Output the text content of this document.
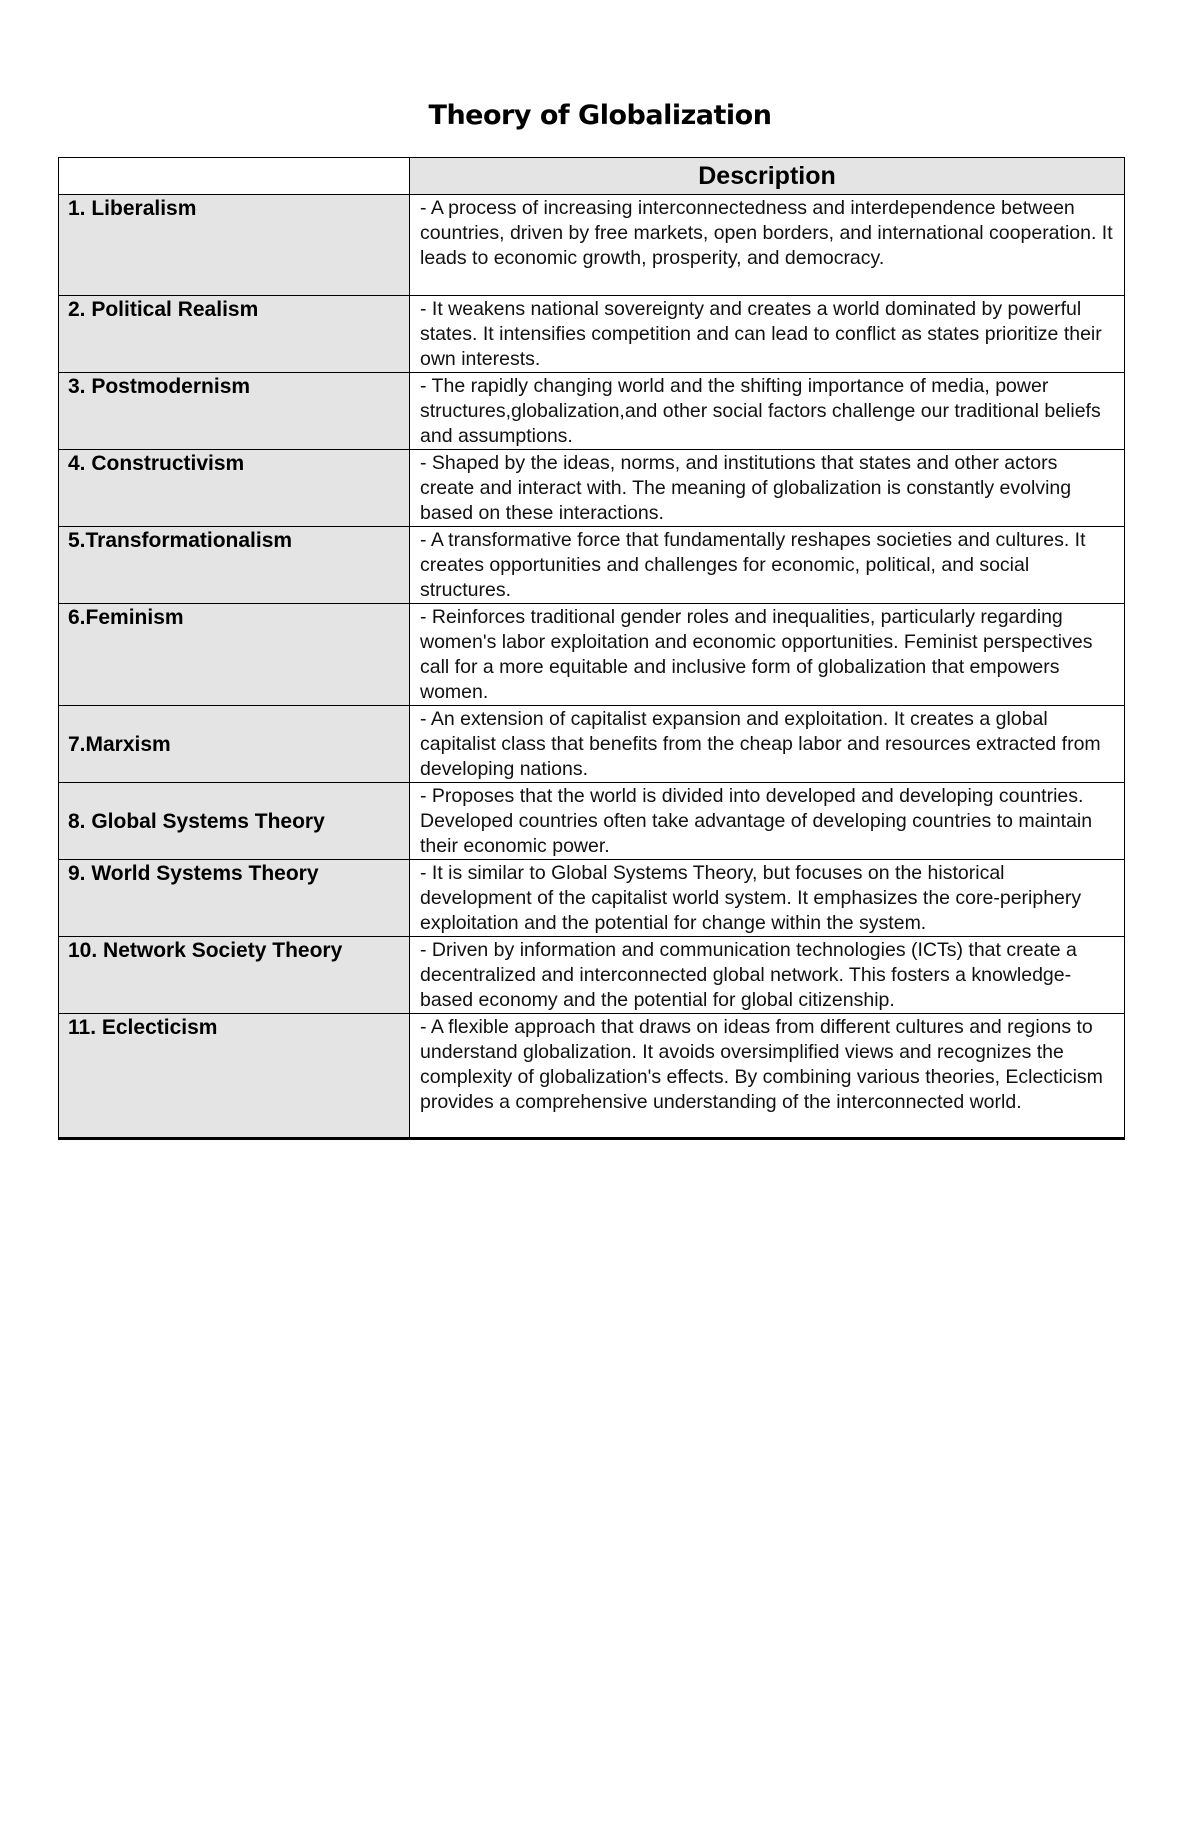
Theory of Globalization
	Description
1. Liberalism	- A process of increasing interconnectedness and interdependence between countries, driven by free markets, open borders, and international cooperation. It leads to economic growth, prosperity, and democracy.
2. Political Realism	- It weakens national sovereignty and creates a world dominated by powerful states. It intensifies competition and can lead to conflict as states prioritize their own interests.
3. Postmodernism	- The rapidly changing world and the shifting importance of media, power structures,globalization,and other social factors challenge our traditional beliefs and assumptions.
4. Constructivism	- Shaped by the ideas, norms, and institutions that states and other actors create and interact with. The meaning of globalization is constantly evolving based on these interactions.
5.Transformationalism	- A transformative force that fundamentally reshapes societies and cultures. It creates opportunities and challenges for economic, political, and social structures.
6.Feminism	- Reinforces traditional gender roles and inequalities, particularly regarding women's labor exploitation and economic opportunities. Feminist perspectives call for a more equitable and inclusive form of globalization that empowers women.
7.Marxism	- An extension of capitalist expansion and exploitation. It creates a global capitalist class that benefits from the cheap labor and resources extracted from developing nations.
8. Global Systems Theory	- Proposes that the world is divided into developed and developing countries. Developed countries often take advantage of developing countries to maintain their economic power.
9. World Systems Theory	- It is similar to Global Systems Theory, but focuses on the historical development of the capitalist world system. It emphasizes the core-periphery exploitation and the potential for change within the system.
10. Network Society Theory	- Driven by information and communication technologies (ICTs) that create a decentralized and interconnected global network. This fosters a knowledge-based economy and the potential for global citizenship.
11. Eclecticism	- A flexible approach that draws on ideas from different cultures and regions to understand globalization. It avoids oversimplified views and recognizes the complexity of globalization's effects. By combining various theories, Eclecticism provides a comprehensive understanding of the interconnected world.
